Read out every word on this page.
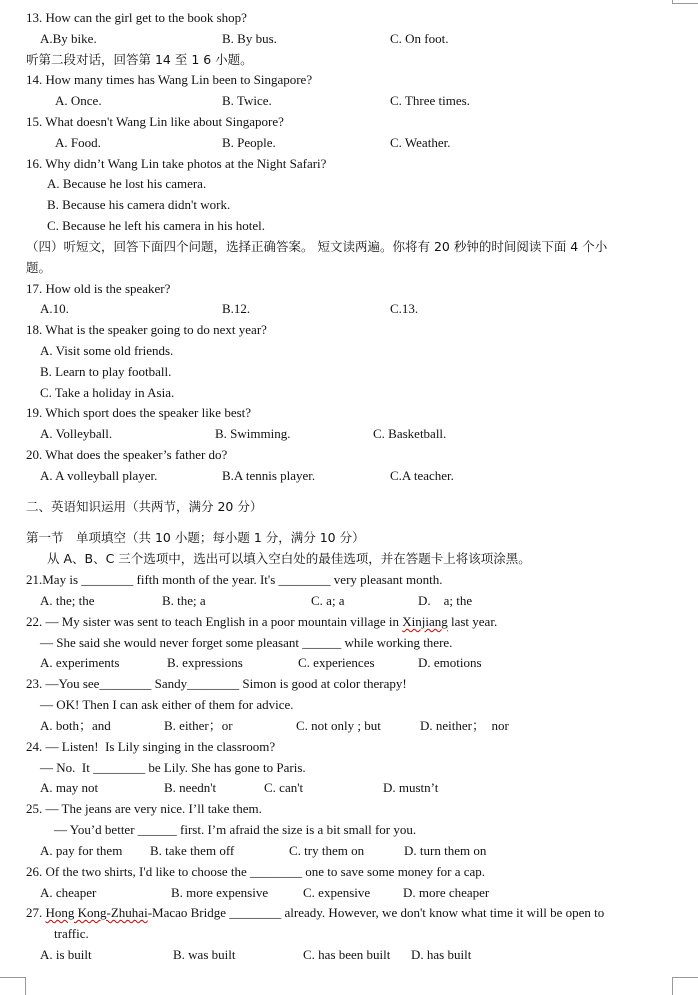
13. How can the girl get to the book shop?
A.By bike.	B. By bus.	C. On foot.
听第二段对话，回答第 14 至 1 6 小题。
14. How many times has Wang Lin been to Singapore?
A. Once.	B. Twice.	C. Three times.
15. What doesn't Wang Lin like about Singapore?
A. Food.	B. People.	C. Weather.
16. Why didn’t Wang Lin take photos at the Night Safari?
A. Because he lost his camera.
B. Because his camera didn't work.
C. Because he left his camera in his hotel.
（四）听短文，回答下面四个问题，选择正确答案。 短文读两遍。你将有 20 秒钟的时间阅读下面 4 个小
题。
17. How old is the speaker?
A.10.	B.12.	C.13.
18. What is the speaker going to do next year?
A. Visit some old friends.
B. Learn to play football.
C. Take a holiday in Asia.
19. Which sport does the speaker like best?
A. Volleyball.	B. Swimming.	C. Basketball.
20. What does the speaker’s father do?
A. A volleyball player.	B.A tennis player.	C.A teacher.
二、英语知识运用（共两节，满分 20 分）
第一节　单项填空（共 10 小题；每小题 1 分，满分 10 分）
从 A、B、C 三个选项中，选出可以填入空白处的最佳选项，并在答题卡上将该项涂黑。
21.May is ________ fifth month of the year. It's ________ very pleasant month.
A. the; the	B. the; a	C. a; a	D.　a; the
22. — My sister was sent to teach English in a poor mountain village in Xinjiang last year.
— She said she would never forget some pleasant ______ while working there.
A. experiments	B. expressions	C. experiences	D. emotions
23. —You see________ Sandy________ Simon is good at color therapy!
— OK! Then I can ask either of them for advice.
A. both；and	B. either；or	C. not only ; but	D. neither；　nor
24. — Listen!  Is Lily singing in the classroom?
— No.  It ________ be Lily. She has gone to Paris.
A. may not	B. needn't	C. can't	D. mustn’t
25. — The jeans are very nice. I’ll take them.
— You’d better ______ first. I’m afraid the size is a bit small for you.
A. pay for them B. take them off	C. try them on	D. turn them on
26. Of the two shirts, I'd like to choose the ________ one to save some money for a cap.
A. cheaper	B. more expensive	C. expensive	D. more cheaper
27. Hong Kong-Zhuhai-Macao Bridge ________ already. However, we don't know what time it will be open to
traffic.
A. is built	B. was built	C. has been built D. has built
